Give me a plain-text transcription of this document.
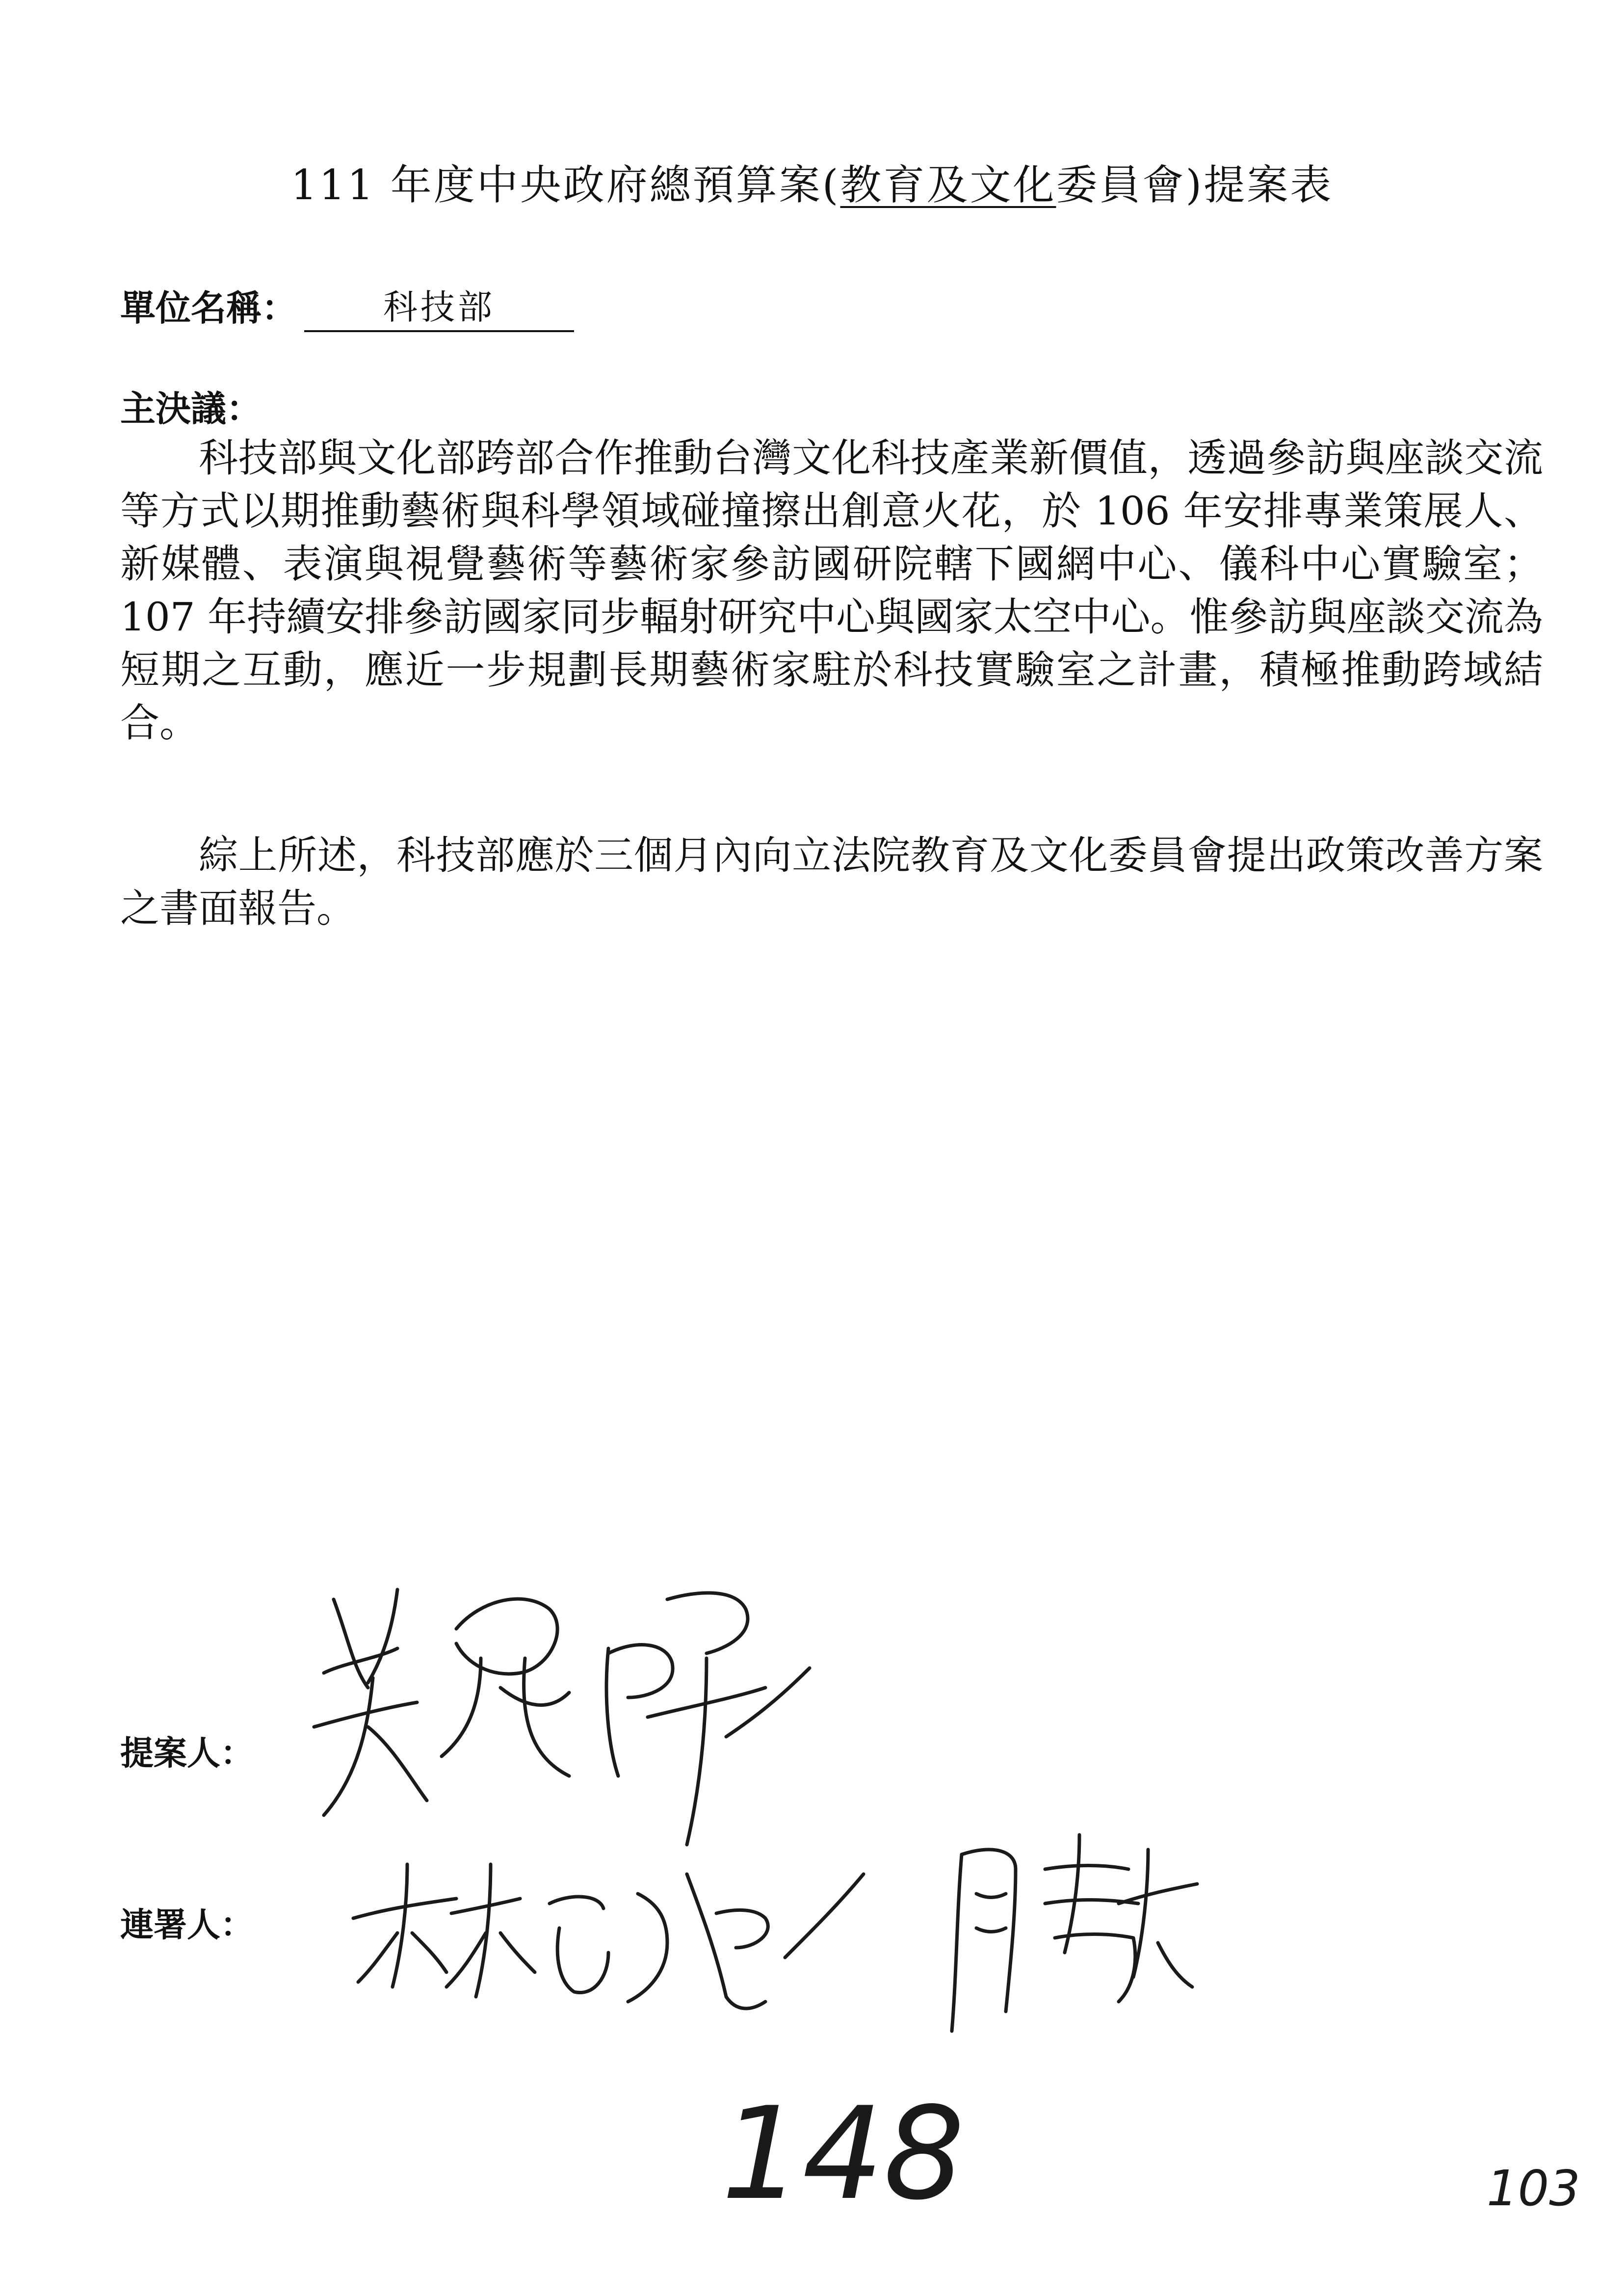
111 年度中央政府總預算案(教育及文化委員會)提案表
單位名稱：	科技部
主決議：
科技部與文化部跨部合作推動台灣文化科技產業新價值，透過參訪與座談交流等方式以期推動藝術與科學領域碰撞擦出創意火花，於 106 年安排專業策展人、新媒體、表演與視覺藝術等藝術家參訪國研院轄下國網中心、儀科中心實驗室；107 年持續安排參訪國家同步輻射研究中心與國家太空中心。惟參訪與座談交流為短期之互動，應近一步規劃長期藝術家駐於科技實驗室之計畫，積極推動跨域結合。
綜上所述，科技部應於三個月內向立法院教育及文化委員會提出政策改善方案之書面報告。
提案人：
連署人：
148	103
